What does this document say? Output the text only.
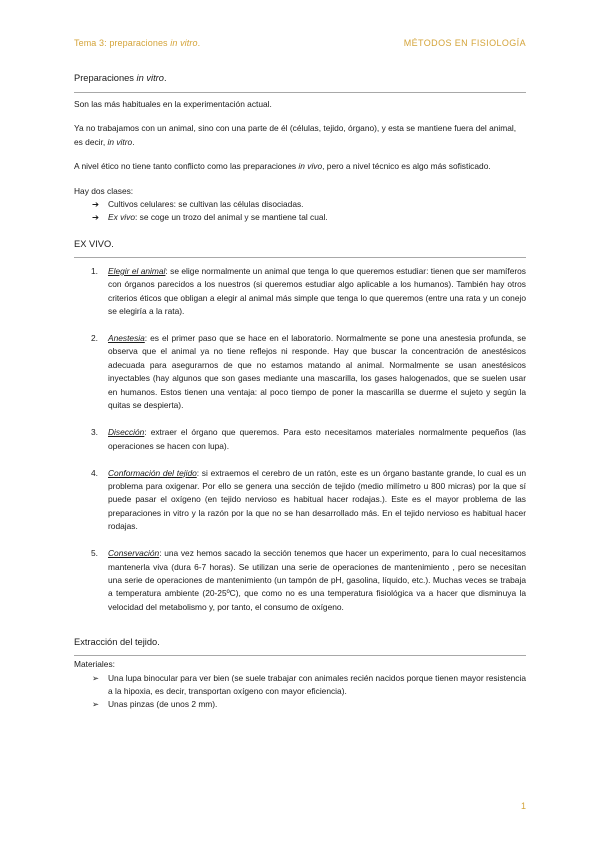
Tema 3: preparaciones in vitro.	MÉTODOS EN FISIOLOGÍA
Preparaciones in vitro.

Son las más habituales en la experimentación actual.

Ya no trabajamos con un animal, sino con una parte de él (células, tejido, órgano), y esta se mantiene fuera del animal, es decir, in vitro.

A nivel ético no tiene tanto conflicto como las preparaciones in vivo, pero a nivel técnico es algo más sofisticado.

Hay dos clases:

➔ Cultivos celulares: se cultivan las células disociadas.
➔ Ex vivo: se coge un trozo del animal y se mantiene tal cual.
EX VIVO.
1. Elegir el animal: se elige normalmente un animal que tenga lo que queremos estudiar: tienen que ser mamíferos con órganos parecidos a los nuestros (si queremos estudiar algo aplicable a los humanos). También hay otros criterios éticos que obligan a elegir al animal más simple que tenga lo que queremos (entre una rata y un conejo se elegiría a la rata).
2. Anestesia: es el primer paso que se hace en el laboratorio. Normalmente se pone una anestesia profunda, se observa que el animal ya no tiene reflejos ni responde. Hay que buscar la concentración de anestésicos adecuada para asegurarnos de que no estamos matando al animal. Normalmente se usan anestésicos inyectables (hay algunos que son gases mediante una mascarilla, los gases halogenados, que se suelen usar en humanos. Estos tienen una ventaja: al poco tiempo de poner la mascarilla se duerme el sujeto y según la quitas se despierta).
3. Disección: extraer el órgano que queremos. Para esto necesitamos materiales normalmente pequeños (las operaciones se hacen con lupa).
4. Conformación del tejido: si extraemos el cerebro de un ratón, este es un órgano bastante grande, lo cual es un problema para oxigenar. Por ello se genera una sección de tejido (medio milímetro u 800 micras) por la que sí puede pasar el oxígeno (en tejido nervioso es habitual hacer rodajas.). Este es el mayor problema de las preparaciones in vitro y la razón por la que no se han desarrollado más. En el tejido nervioso es habitual hacer rodajas.
5. Conservación: una vez hemos sacado la sección tenemos que hacer un experimento, para lo cual necesitamos mantenerla viva (dura 6-7 horas). Se utilizan una serie de operaciones de mantenimiento , pero se necesitan una serie de operaciones de mantenimiento (un tampón de pH, gasolina, líquido, etc.). Muchas veces se trabaja a temperatura ambiente (20-25ºC), que como no es una temperatura fisiológica va a hacer que disminuya la velocidad del metabolismo y, por tanto, el consumo de oxígeno.
Extracción del tejido.

Materiales:

➢ Una lupa binocular para ver bien (se suele trabajar con animales recién nacidos porque tienen mayor resistencia a la hipoxia, es decir, transportan oxígeno con mayor eficiencia).
➢ Unas pinzas (de unos 2 mm).
1
